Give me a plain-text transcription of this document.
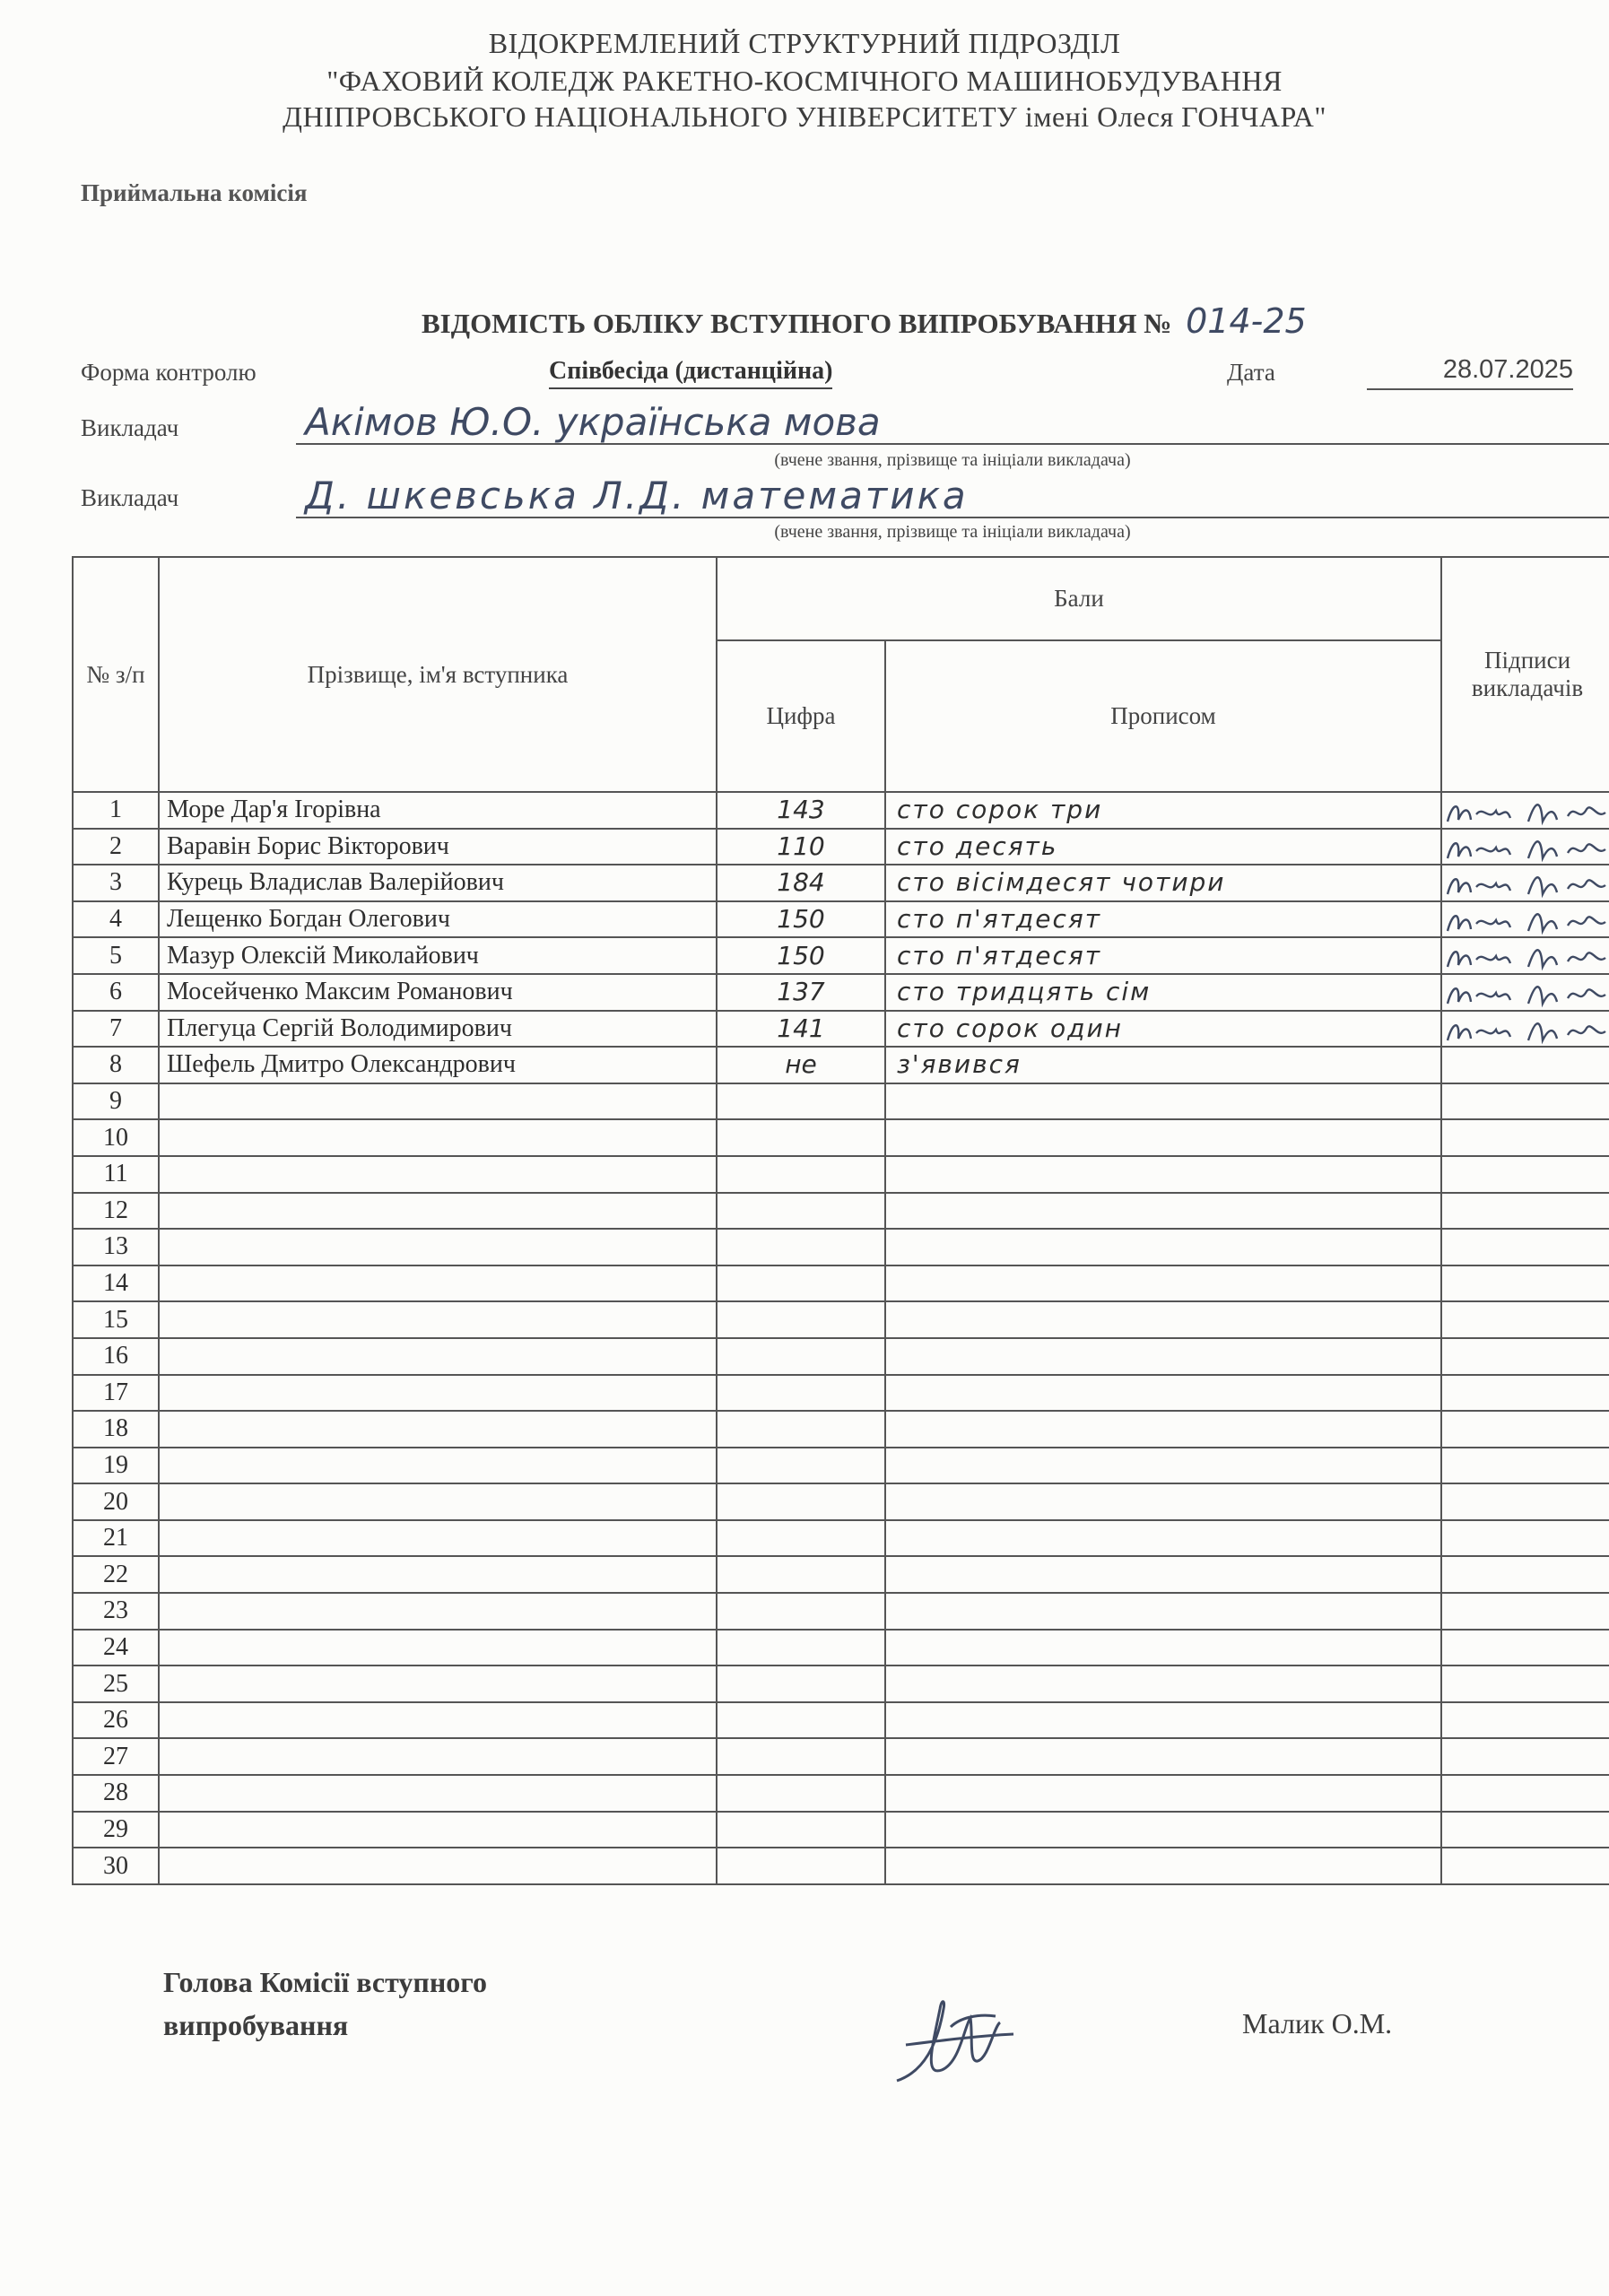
ВІДОКРЕМЛЕНИЙ СТРУКТУРНИЙ ПІДРОЗДІЛ
"ФАХОВИЙ КОЛЕДЖ РАКЕТНО-КОСМІЧНОГО МАШИНОБУДУВАННЯ
ДНІПРОВСЬКОГО НАЦІОНАЛЬНОГО УНІВЕРСИТЕТУ імені Олеся ГОНЧАРА"
Приймальна комісія
ВІДОМІСТЬ ОБЛІКУ ВСТУПНОГО ВИПРОБУВАННЯ № 014-25
Форма контролю	Співбесіда (дистанційна)	Дата	28.07.2025
Викладач	Акімов Ю.О. українська мова
(вчене звання, прізвище та ініціали викладача)
Викладач	Д. шкевська Л.Д. математика
(вчене звання, прізвище та ініціали викладача)
№ з/п	Прізвище, ім'я вступника	Бали		Підписи викладачів
		Цифра	Прописом	
1	Море Дар'я Ігорівна	143	сто сорок три	

2	Варавін Борис Вікторович	110	сто десять	

3	Курець Владислав Валерійович	184	сто вісімдесят чотири	

4	Лещенко Богдан Олегович	150	сто п'ятдесят	

5	Мазур Олексій Миколайович	150	сто п'ятдесят	

6	Мосейченко Максим Романович	137	сто тридцять сім	

7	Плегуца Сергій Володимирович	141	сто сорок один	

8	Шефель Дмитро Олександрович	не	з'явився	
9				
10				
11				
12				
13				
14				
15				
16				
17				
18				
19				
20				
21				
22				
23				
24				
25				
26				
27				
28				
29				
30				
Голова Комісії вступного
випробування	Малик О.М.
